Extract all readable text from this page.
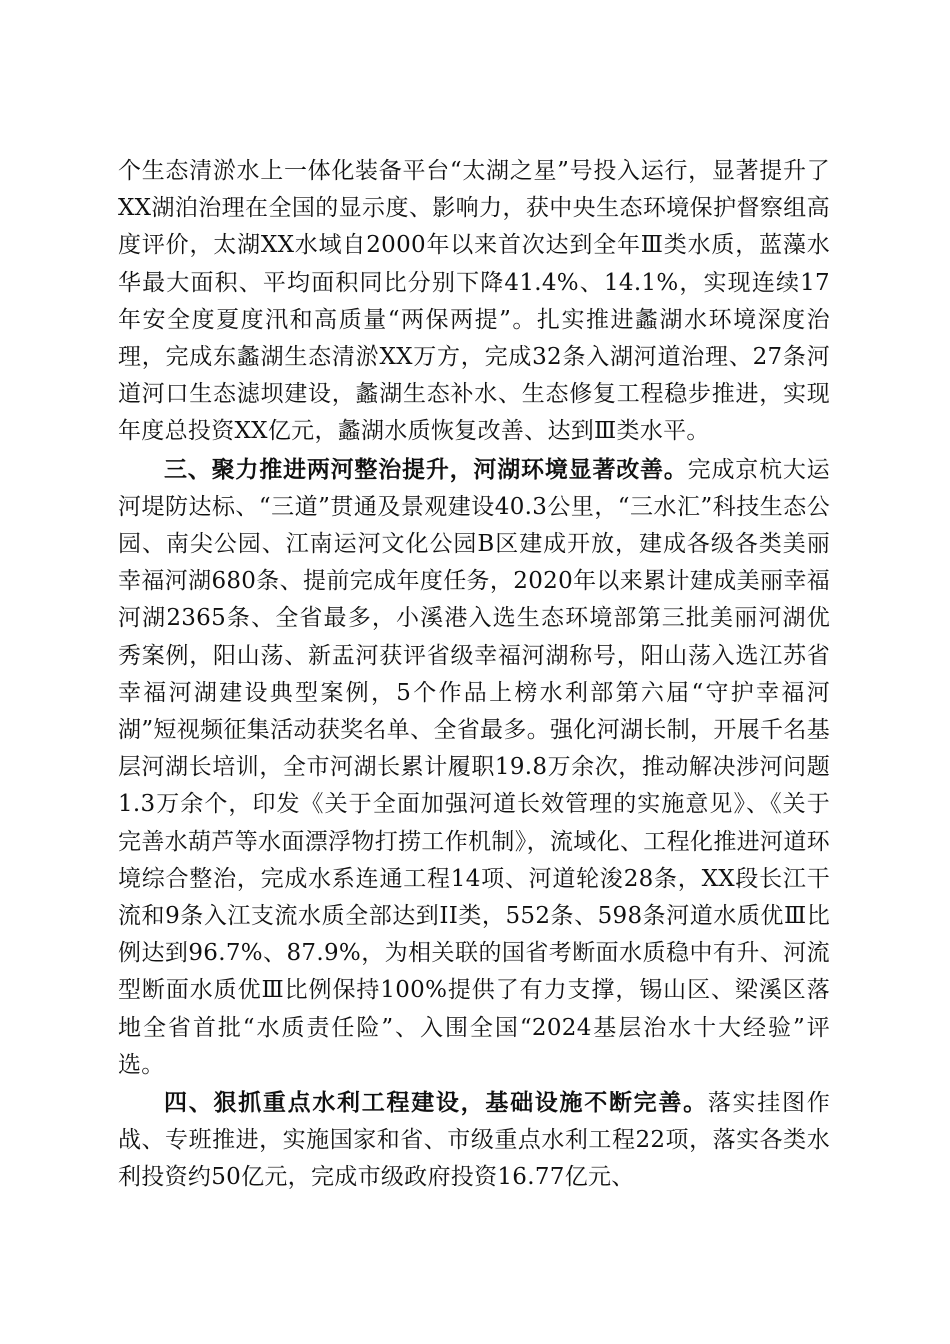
个生态清淤水上一体化装备平台“太湖之星”号投入运行，显著提升了XX湖泊治理在全国的显示度、影响力，获中央生态环境保护督察组高度评价，太湖XX水域自2000年以来首次达到全年Ⅲ类水质，蓝藻水华最大面积、平均面积同比分别下降41.4%、14.1%，实现连续17年安全度夏度汛和高质量“两保两提”。扎实推进蠡湖水环境深度治理，完成东蠡湖生态清淤XX万方，完成32条入湖河道治理、27条河道河口生态滤坝建设，蠡湖生态补水、生态修复工程稳步推进，实现年度总投资XX亿元，蠡湖水质恢复改善、达到Ⅲ类水平。

三、聚力推进两河整治提升，河湖环境显著改善。完成京杭大运河堤防达标、“三道”贯通及景观建设40.3公里，“三水汇”科技生态公园、南尖公园、江南运河文化公园B区建成开放，建成各级各类美丽幸福河湖680条、提前完成年度任务，2020年以来累计建成美丽幸福河湖2365条、全省最多，小溪港入选生态环境部第三批美丽河湖优秀案例，阳山荡、新盂河获评省级幸福河湖称号，阳山荡入选江苏省幸福河湖建设典型案例，5个作品上榜水利部第六届“守护幸福河湖”短视频征集活动获奖名单、全省最多。强化河湖长制，开展千名基层河湖长培训，全市河湖长累计履职19.8万余次，推动解决涉河问题1.3万余个，印发《关于全面加强河道长效管理的实施意见》、《关于完善水葫芦等水面漂浮物打捞工作机制》，流域化、工程化推进河道环境综合整治，完成水系连通工程14项、河道轮浚28条，XX段长江干流和9条入江支流水质全部达到II类，552条、598条河道水质优Ⅲ比例达到96.7%、87.9%，为相关联的国省考断面水质稳中有升、河流型断面水质优Ⅲ比例保持100%提供了有力支撑，锡山区、梁溪区落地全省首批“水质责任险”、入围全国“2024基层治水十大经验”评选。

四、狠抓重点水利工程建设，基础设施不断完善。落实挂图作战、专班推进，实施国家和省、市级重点水利工程22项，落实各类水利投资约50亿元，完成市级政府投资16.77亿元、
